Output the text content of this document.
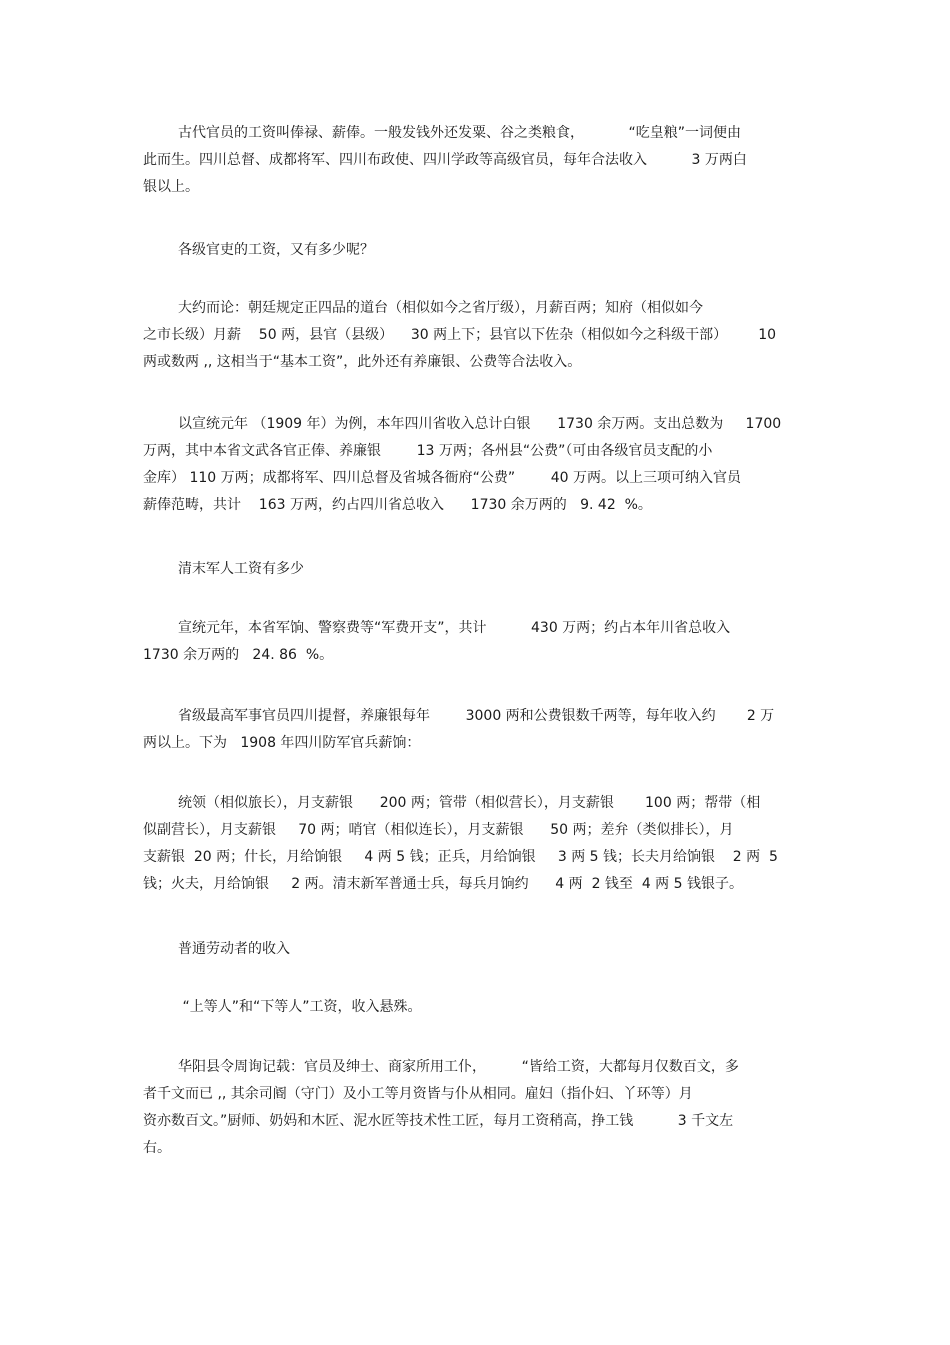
古代官员的工资叫俸禄、薪俸。一般发钱外还发粟、谷之类粮食，          “吃皇粮”一词便由
此而生。四川总督、成都将军、四川布政使、四川学政等高级官员，每年合法收入          3 万两白
银以上。
各级官吏的工资，又有多少呢？
大约而论：朝廷规定正四品的道台（相似如今之省厅级），月薪百两；知府（相似如今
之市长级）月薪    50 两，县官（县级）    30 两上下；县官以下佐杂（相似如今之科级干部）       10
两或数两 ,, 这相当于“基本工资”，此外还有养廉银、公费等合法收入。
以宣统元年 （1909 年）为例，本年四川省收入总计白银      1730 余万两。支出总数为     1700
万两，其中本省文武各官正俸、养廉银        13 万两；各州县“公费”（可由各级官员支配的小
金库） 110 万两；成都将军、四川总督及省城各衙府“公费”        40 万两。以上三项可纳入官员
薪俸范畴，共计    163 万两，约占四川省总收入      1730 余万两的   9. 42  %。
清末军人工资有多少
宣统元年，本省军饷、警察费等“军费开支”，共计          430 万两；约占本年川省总收入
1730 余万两的   24. 86  %。
省级最高军事官员四川提督，养廉银每年        3000 两和公费银数千两等，每年收入约       2 万
两以上。下为   1908 年四川防军官兵薪饷：
统领（相似旅长），月支薪银      200 两；管带（相似营长），月支薪银       100 两；帮带（相
似副营长），月支薪银     70 两；哨官（相似连长），月支薪银      50 两；差弁（类似排长），月
支薪银  20 两；什长，月给饷银     4 两 5 钱；正兵，月给饷银     3 两 5 钱；长夫月给饷银    2 两  5
钱；火夫，月给饷银     2 两。清末新军普通士兵，每兵月饷约      4 两  2 钱至  4 两 5 钱银子。
普通劳动者的收入
“上等人”和“下等人”工资，收入悬殊。
华阳县令周询记载：官员及绅士、商家所用工仆，        “皆给工资，大都每月仅数百文，多
者千文而已 ,, 其余司阍（守门）及小工等月资皆与仆从相同。雇妇（指仆妇、丫环等）月
资亦数百文。”厨师、奶妈和木匠、泥水匠等技术性工匠，每月工资稍高，挣工钱          3 千文左
右。
